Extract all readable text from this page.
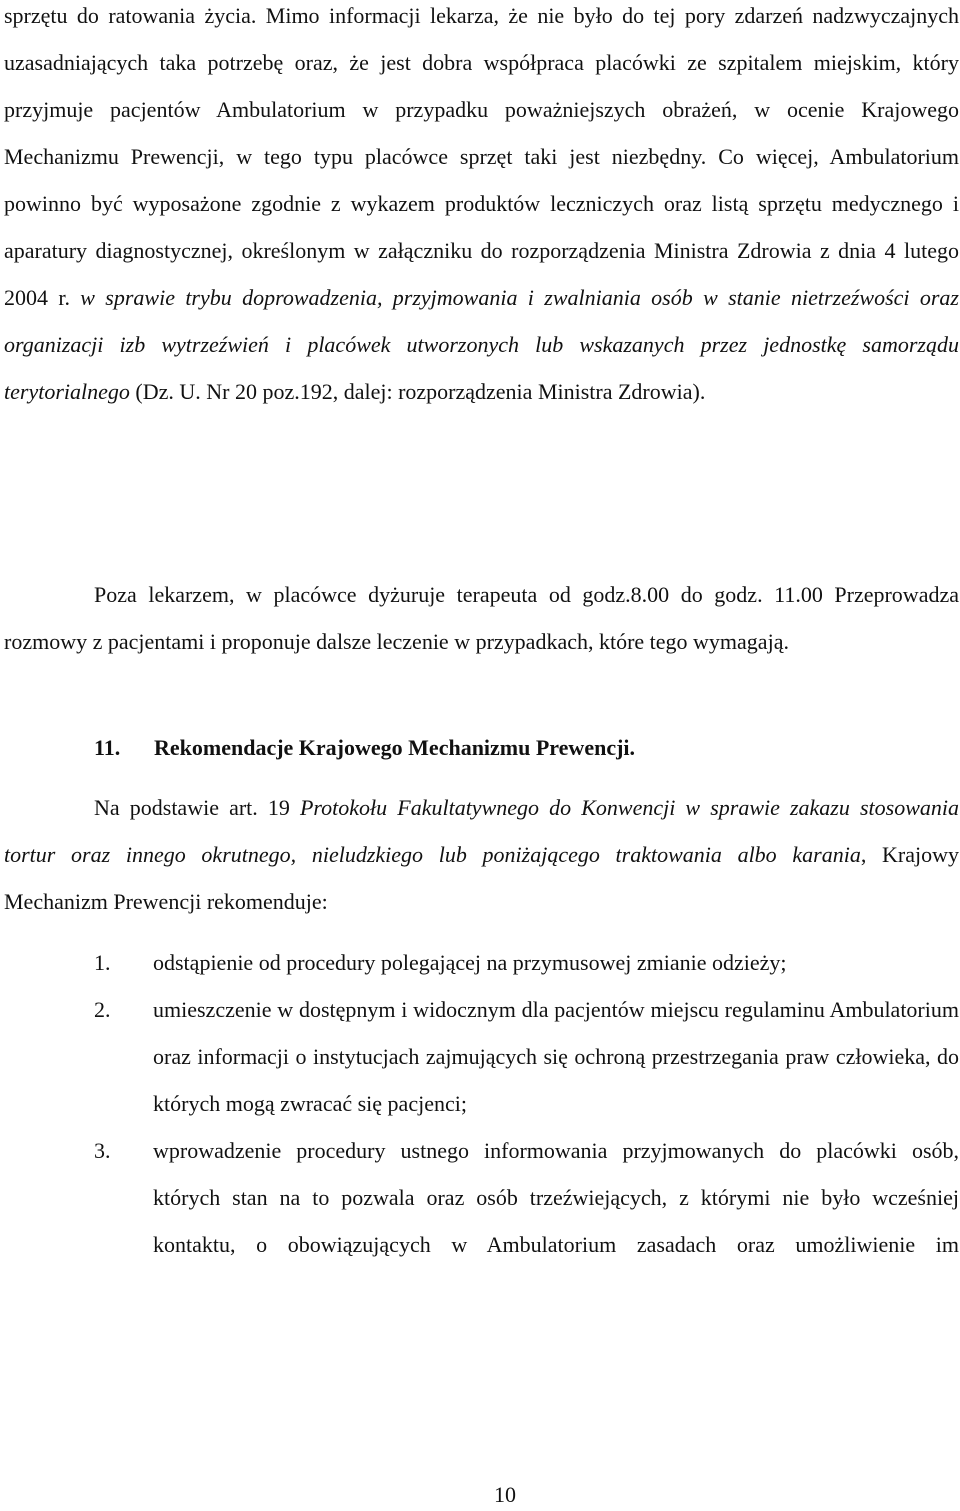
sprzętu do ratowania życia. Mimo informacji lekarza, że nie było do tej pory zdarzeń nadzwyczajnych uzasadniających taka potrzebę oraz, że jest dobra współpraca placówki ze szpitalem miejskim, który przyjmuje pacjentów Ambulatorium w przypadku poważniejszych obrażeń, w ocenie Krajowego Mechanizmu Prewencji, w tego typu placówce sprzęt taki jest niezbędny. Co więcej, Ambulatorium powinno być wyposażone zgodnie z wykazem produktów leczniczych oraz listą sprzętu medycznego i aparatury diagnostycznej, określonym w załączniku do rozporządzenia Ministra Zdrowia z dnia 4 lutego 2004 r. w sprawie trybu doprowadzenia, przyjmowania i zwalniania osób w stanie nietrzeźwości oraz organizacji izb wytrzeźwień i placówek utworzonych lub wskazanych przez jednostkę samorządu terytorialnego (Dz. U. Nr 20 poz.192, dalej: rozporządzenia Ministra Zdrowia).

Poza lekarzem, w placówce dyżuruje terapeuta od godz.8.00 do godz. 11.00 Przeprowadza rozmowy z pacjentami i proponuje dalsze leczenie w przypadkach, które tego wymagają.

11. Rekomendacje Krajowego Mechanizmu Prewencji.

Na podstawie art. 19 Protokołu Fakultatywnego do Konwencji w sprawie zakazu stosowania tortur oraz innego okrutnego, nieludzkiego lub poniżającego traktowania albo karania, Krajowy Mechanizm Prewencji rekomenduje:

1. odstąpienie od procedury polegającej na przymusowej zmianie odzieży;
2. umieszczenie w dostępnym i widocznym dla pacjentów miejscu regulaminu Ambulatorium oraz informacji o instytucjach zajmujących się ochroną przestrzegania praw człowieka, do których mogą zwracać się pacjenci;
3. wprowadzenie procedury ustnego informowania przyjmowanych do placówki osób, których stan na to pozwala oraz osób trzeźwiejących, z którymi nie było wcześniej kontaktu, o obowiązujących w Ambulatorium zasadach oraz umożliwienie im
10
